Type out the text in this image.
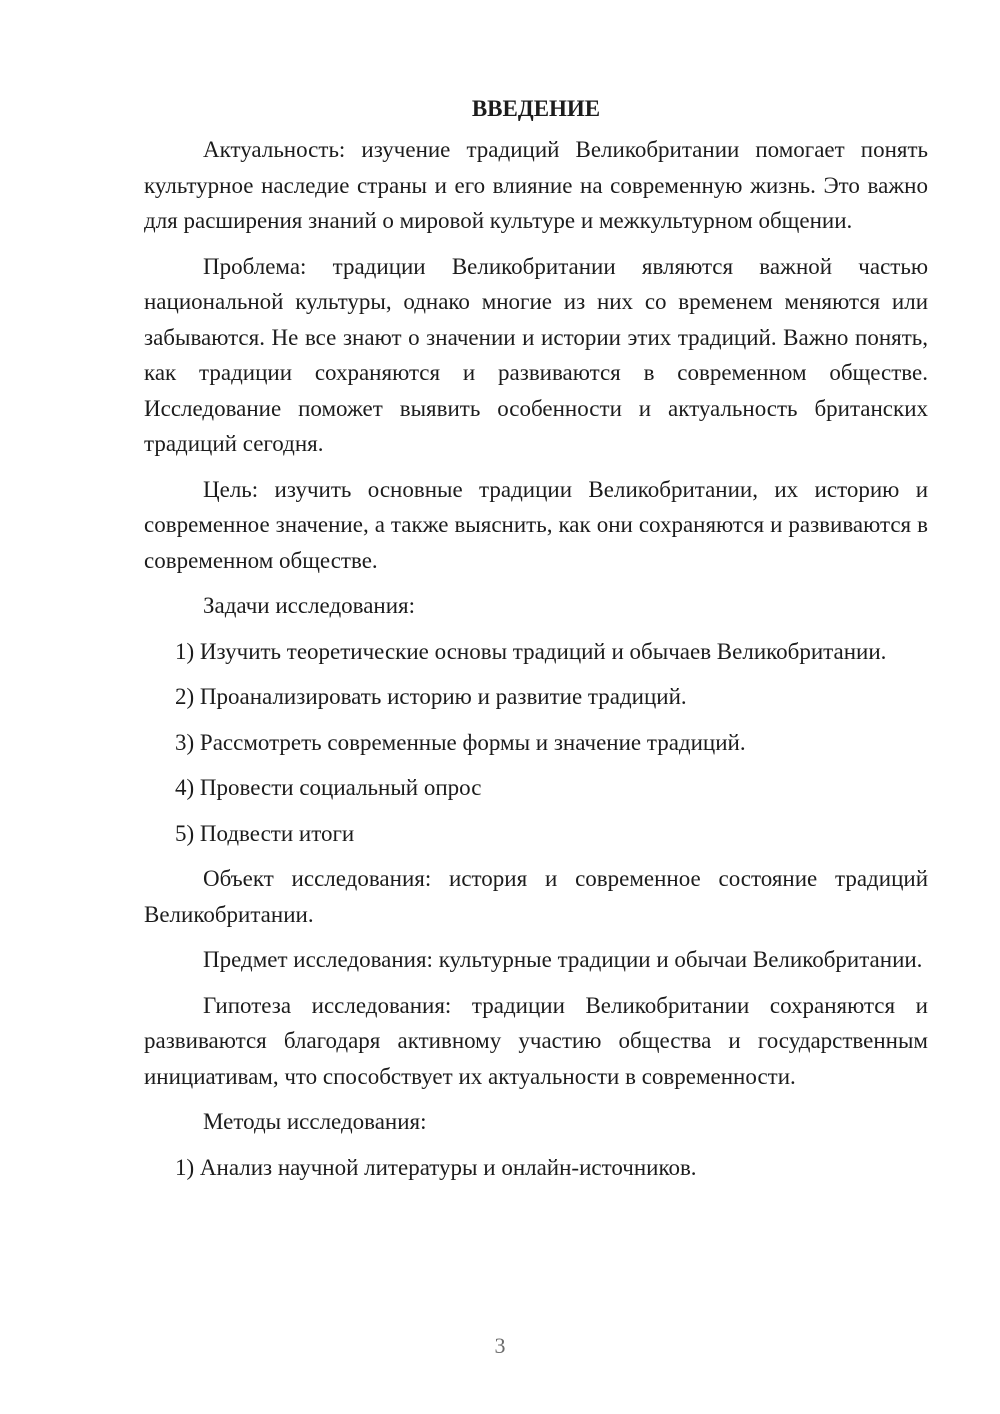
ВВЕДЕНИЕ

Актуальность: изучение традиций Великобритании помогает понять культурное наследие страны и его влияние на современную жизнь. Это важно для расширения знаний о мировой культуре и межкультурном общении.

Проблема: традиции Великобритании являются важной частью национальной культуры, однако многие из них со временем меняются или забываются. Не все знают о значении и истории этих традиций. Важно понять, как традиции сохраняются и развиваются в современном обществе. Исследование поможет выявить особенности и актуальность британских традиций сегодня.

Цель: изучить основные традиции Великобритании, их историю и современное значение, а также выяснить, как они сохраняются и развиваются в современном обществе.

Задачи исследования:

1) Изучить теоретические основы традиций и обычаев Великобритании.

2) Проанализировать историю и развитие традиций.

3) Рассмотреть современные формы и значение традиций.

4) Провести социальный опрос

5) Подвести итоги

Объект исследования: история и современное состояние традиций Великобритании.

Предмет исследования: культурные традиции и обычаи Великобритании.

Гипотеза исследования: традиции Великобритании сохраняются и развиваются благодаря активному участию общества и государственным инициативам, что способствует их актуальности в современности.

Методы исследования:

1) Анализ научной литературы и онлайн-источников.

3
